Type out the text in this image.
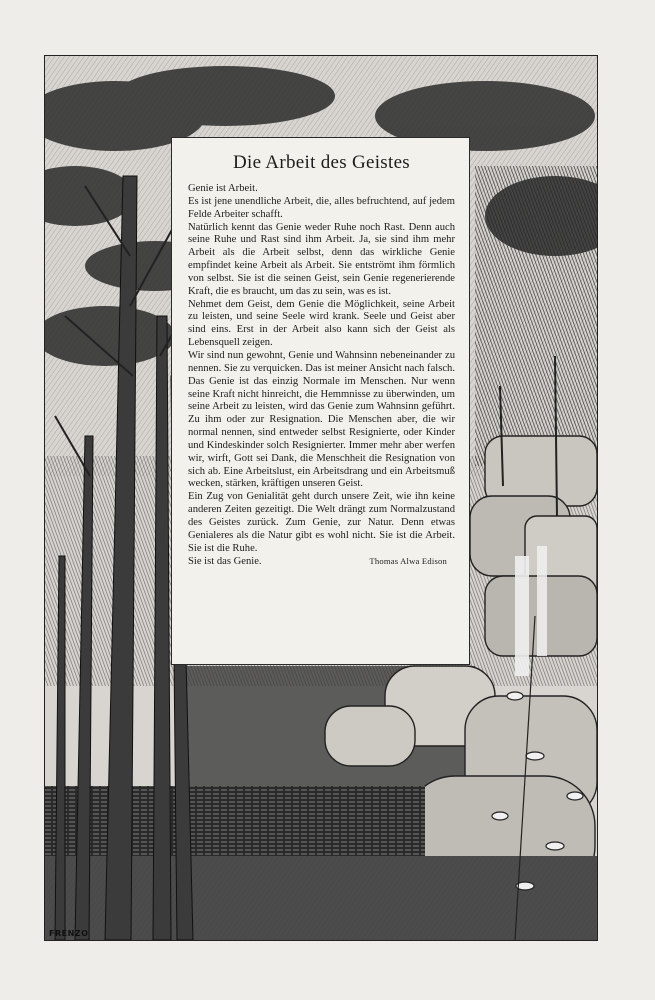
FRENZO
Die Arbeit des Geistes

Genie ist Arbeit.

Es ist jene unendliche Arbeit, die, alles befruchtend, auf jedem Felde Arbeiter schafft.

Natürlich kennt das Genie weder Ruhe noch Rast. Denn auch seine Ruhe und Rast sind ihm Arbeit. Ja, sie sind ihm mehr Arbeit als die Arbeit selbst, denn das wirkliche Genie empfindet keine Arbeit als Arbeit. Sie entströmt ihm förmlich von selbst. Sie ist die seinen Geist, sein Genie regenerierende Kraft, die es braucht, um das zu sein, was es ist.

Nehmet dem Geist, dem Genie die Möglichkeit, seine Arbeit zu leisten, und seine Seele wird krank. Seele und Geist aber sind eins. Erst in der Arbeit also kann sich der Geist als Lebensquell zeigen.

Wir sind nun gewohnt, Genie und Wahnsinn nebeneinander zu nennen. Sie zu verquicken. Das ist meiner Ansicht nach falsch. Das Genie ist das einzig Normale im Menschen. Nur wenn seine Kraft nicht hinreicht, die Hemmnisse zu überwinden, um seine Arbeit zu leisten, wird das Genie zum Wahnsinn geführt. Zu ihm oder zur Resignation. Die Menschen aber, die wir normal nennen, sind entweder selbst Resignierte, oder Kinder und Kindeskinder solch Resignierter. Immer mehr aber werfen wir, wirft, Gott sei Dank, die Menschheit die Resignation von sich ab. Eine Arbeitslust, ein Arbeitsdrang und ein Arbeitsmuß wecken, stärken, kräftigen unseren Geist.

Ein Zug von Genialität geht durch unsere Zeit, wie ihn keine anderen Zeiten gezeitigt. Die Welt drängt zum Normalzustand des Geistes zurück. Zum Genie, zur Natur. Denn etwas Genialeres als die Natur gibt es wohl nicht. Sie ist die Arbeit. Sie ist die Ruhe.

Sie ist das Genie.	Thomas Alwa Edison
